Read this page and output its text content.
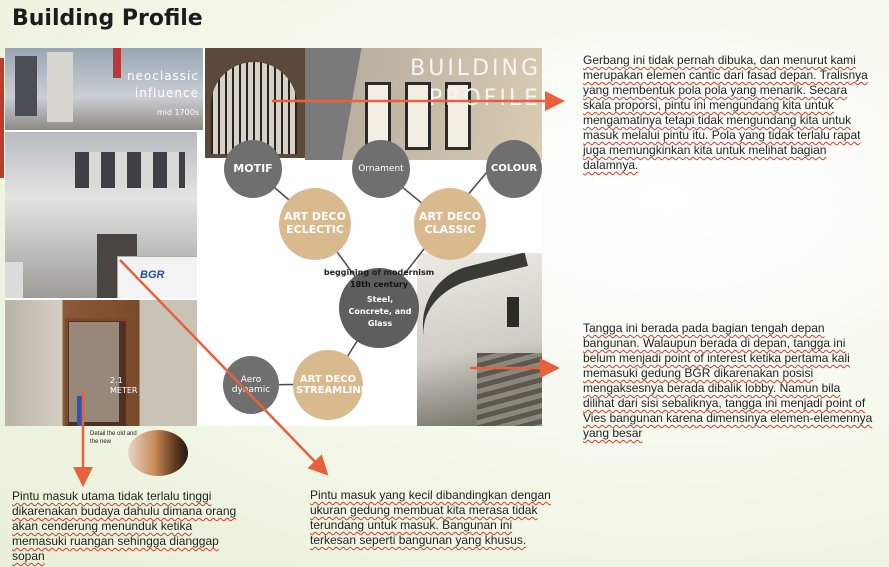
Building Profile
neoclassic influence
mid 1700s
BUILDING PROFILE
BGR
2.1 METER
MOTIF	Ornament	COLOUR
ART DECO ECLECTIC
ART DECO CLASSIC
beggining of modernism
18th century
Steel, Concrete, and Glass
Aero dynamic
ART DECO STREAMLINE
Detail the old and the new
Gerbang ini tidak pernah dibuka, dan menurut kami merupakan elemen cantic dari fasad depan. Tralisnya yang membentuk pola pola yang menarik. Secara skala proporsi, pintu ini mengundang kita untuk mengamatinya tetapi tidak mengundang kita untuk masuk melalui pintu itu. Pola yang tidak terlalu rapat juga memungkinkan kita untuk melihat bagian dalamnya.
Tangga ini berada pada bagian tengah depan bangunan. Walaupun berada di depan, tangga ini belum menjadi point of interest ketika pertama kali memasuki gedung BGR dikarenakan posisi mengaksesnya berada dibalik lobby. Namun bila dilihat dari sisi sebaliknya, tangga ini menjadi point of Vies bangunan karena dimensinya elemen-elemennya yang besar
Pintu masuk utama tidak terlalu tinggi dikarenakan budaya dahulu dimana orang akan cenderung menunduk ketika memasuki ruangan sehingga dianggap sopan
Pintu masuk yang kecil dibandingkan dengan ukuran gedung membuat kita merasa tidak terundang untuk masuk. Bangunan ini terkesan seperti bangunan yang khusus.
